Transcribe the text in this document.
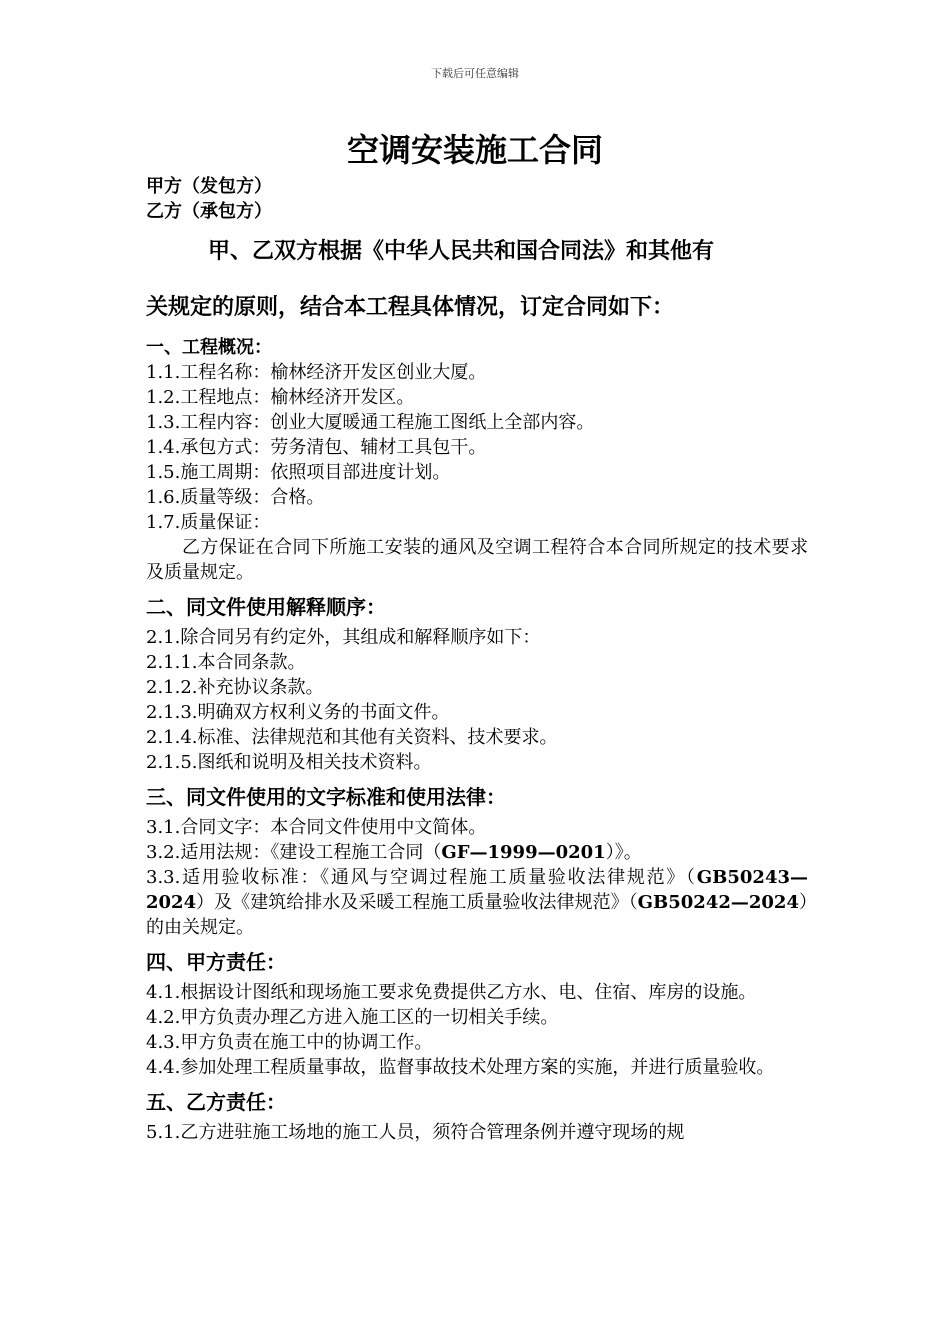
下载后可任意编辑
空调安装施工合同

甲方（发包方）

乙方（承包方）

甲、乙双方根据《中华人民共和国合同法》和其他有

关规定的原则，结合本工程具体情况，订定合同如下：

一、工程概况：

1.1.工程名称：榆林经济开发区创业大厦。

1.2.工程地点：榆林经济开发区。

1.3.工程内容：创业大厦暖通工程施工图纸上全部内容。

1.4.承包方式：劳务清包、辅材工具包干。

1.5.施工周期：依照项目部进度计划。

1.6.质量等级：合格。

1.7.质量保证：

乙方保证在合同下所施工安装的通风及空调工程符合本合同所规定的技术要求及质量规定。

二、同文件使用解释顺序：

2.1.除合同另有约定外，其组成和解释顺序如下：

2.1.1.本合同条款。

2.1.2.补充协议条款。

2.1.3.明确双方权利义务的书面文件。

2.1.4.标准、法律规范和其他有关资料、技术要求。

2.1.5.图纸和说明及相关技术资料。

三、同文件使用的文字标准和使用法律：

3.1.合同文字：本合同文件使用中文简体。

3.2.适用法规：《建设工程施工合同（GF—1999—0201）》。

3.3.适用验收标准：《通风与空调过程施工质量验收法律规范》（GB50243—2024）及《建筑给排水及采暖工程施工质量验收法律规范》（GB50242—2024）的由关规定。

四、甲方责任：

4.1.根据设计图纸和现场施工要求免费提供乙方水、电、住宿、库房的设施。

4.2.甲方负责办理乙方进入施工区的一切相关手续。

4.3.甲方负责在施工中的协调工作。

4.4.参加处理工程质量事故，监督事故技术处理方案的实施，并进行质量验收。

五、乙方责任：

5.1.乙方进驻施工场地的施工人员，须符合管理条例并遵守现场的规
